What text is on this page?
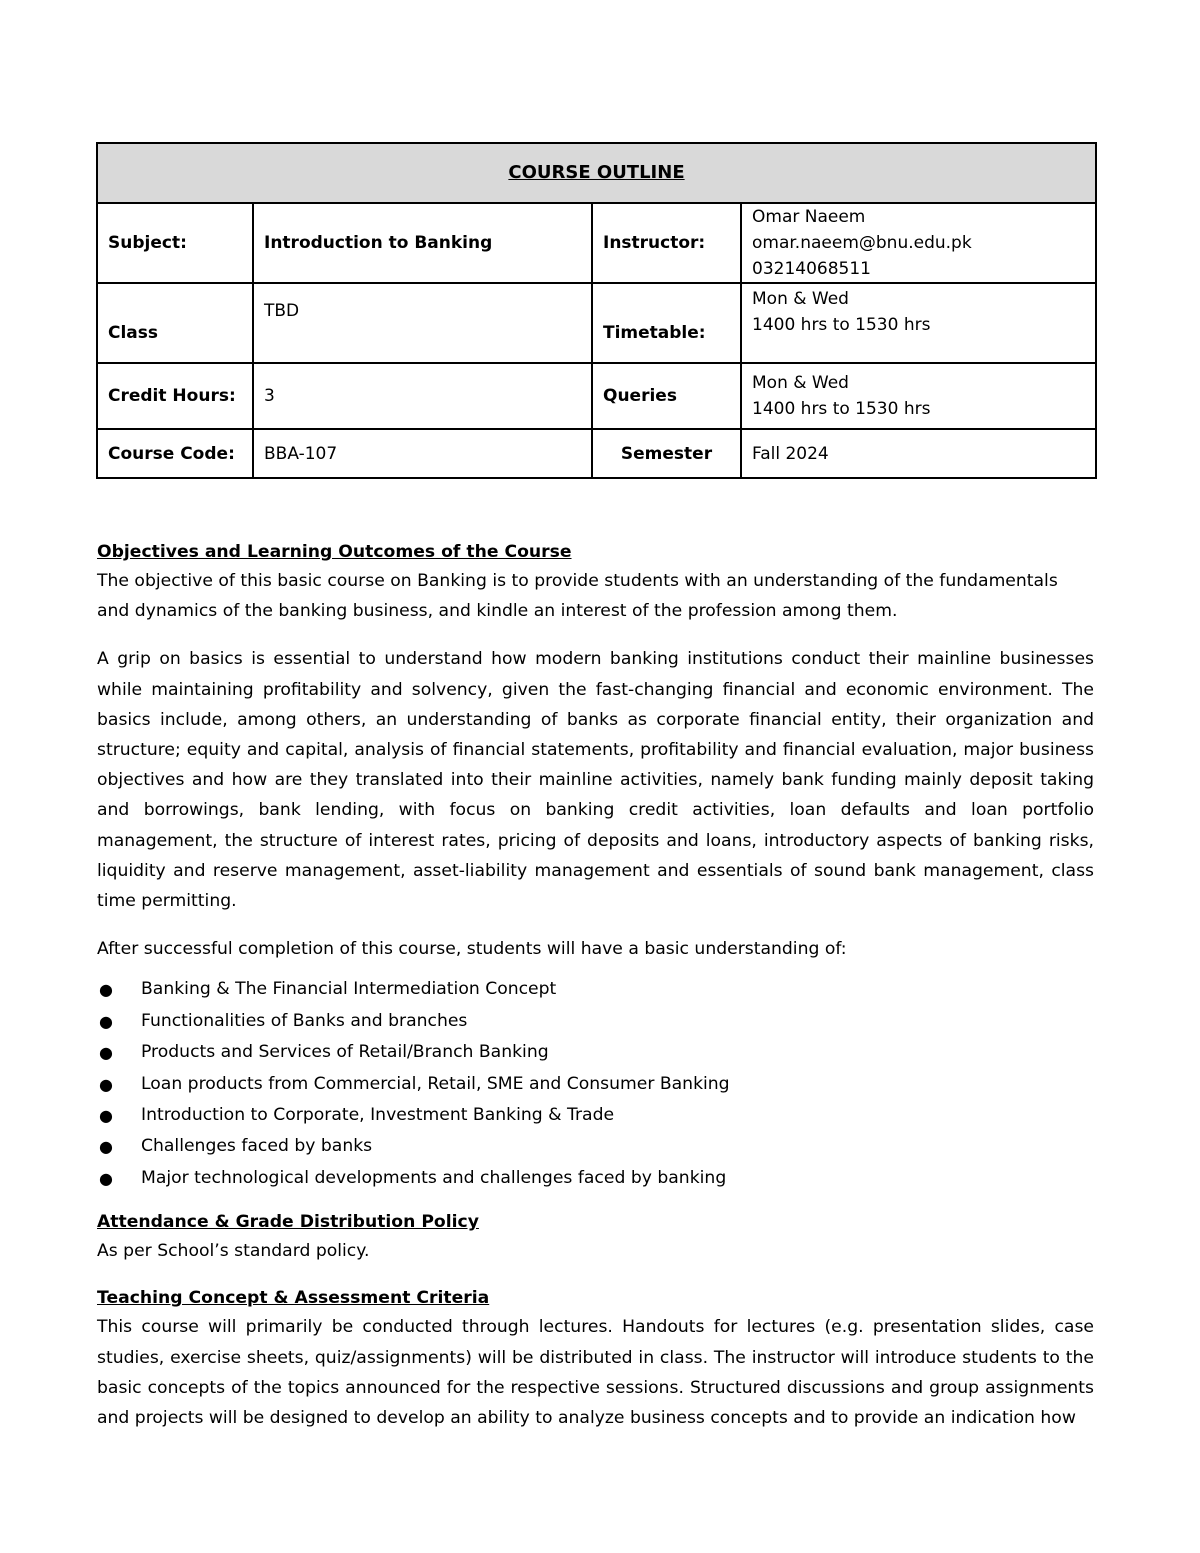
COURSE OUTLINE			
Subject:	Introduction to Banking	Instructor:	Omar Naeem
omar.naeem@bnu.edu.pk
03214068511

Class	TBD	Timetable:	Mon & Wed
1400 hrs to 1530 hrs

Credit Hours:	3	Queries	Mon & Wed
1400 hrs to 1530 hrs

Course Code:	BBA-107	Semester	Fall 2024
Objectives and Learning Outcomes of the Course

The objective of this basic course on Banking is to provide students with an understanding of the fundamentals and dynamics of the banking business, and kindle an interest of the profession among them.

A grip on basics is essential to understand how modern banking institutions conduct their mainline businesses while maintaining profitability and solvency, given the fast-changing financial and economic environment. The basics include, among others, an understanding of banks as corporate financial entity, their organization and structure; equity and capital, analysis of financial statements, profitability and financial evaluation, major business objectives and how are they translated into their mainline activities, namely bank funding mainly deposit taking and borrowings, bank lending, with focus on banking credit activities, loan defaults and loan portfolio management, the structure of interest rates, pricing of deposits and loans, introductory aspects of banking risks, liquidity and reserve management, asset-liability management and essentials of sound bank management, class time permitting.

After successful completion of this course, students will have a basic understanding of:

● Banking & The Financial Intermediation Concept
● Functionalities of Banks and branches
● Products and Services of Retail/Branch Banking
● Loan products from Commercial, Retail, SME and Consumer Banking
● Introduction to Corporate, Investment Banking & Trade
● Challenges faced by banks
● Major technological developments and challenges faced by banking
Attendance & Grade Distribution Policy

As per School’s standard policy.

Teaching Concept & Assessment Criteria

This course will primarily be conducted through lectures. Handouts for lectures (e.g. presentation slides, case studies, exercise sheets, quiz/assignments) will be distributed in class. The instructor will introduce students to the basic concepts of the topics announced for the respective sessions. Structured discussions and group assignments and projects will be designed to develop an ability to analyze business concepts and to provide an indication how
